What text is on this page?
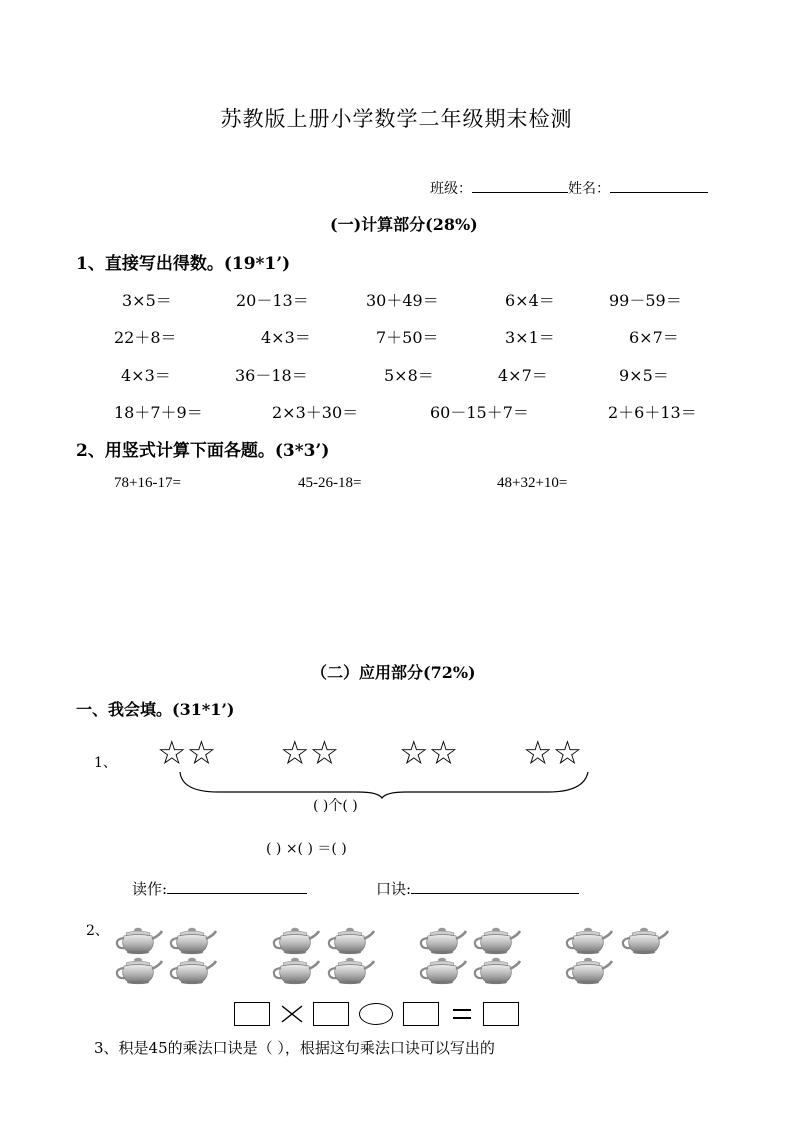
苏教版上册小学数学二年级期末检测
班级：	姓名：
(一)计算部分(28%)
1、直接写出得数。(19*1’)
3×5＝	20－13＝	30＋49＝	6×4＝	99－59＝
22＋8＝	4×3＝	7＋50＝	3×1＝	6×7＝
4×3＝	36－18＝	5×8＝	4×7＝	9×5＝
18＋7＋9＝	2×3＋30＝	60－15＋7＝	2＋6＋13＝
2、用竖式计算下面各题。(3*3’)
78+16-17=	45-26-18=	48+32+10=
（二）应用部分(72%)
一、我会填。(31*1’)
1、 ☆☆ ☆☆ ☆☆ ☆☆
( )个( )
( ) ×( ) ＝( )
读作:	口诀:
2、
3、积是45的乘法口诀是（ ），根据这句乘法口诀可以写出的
